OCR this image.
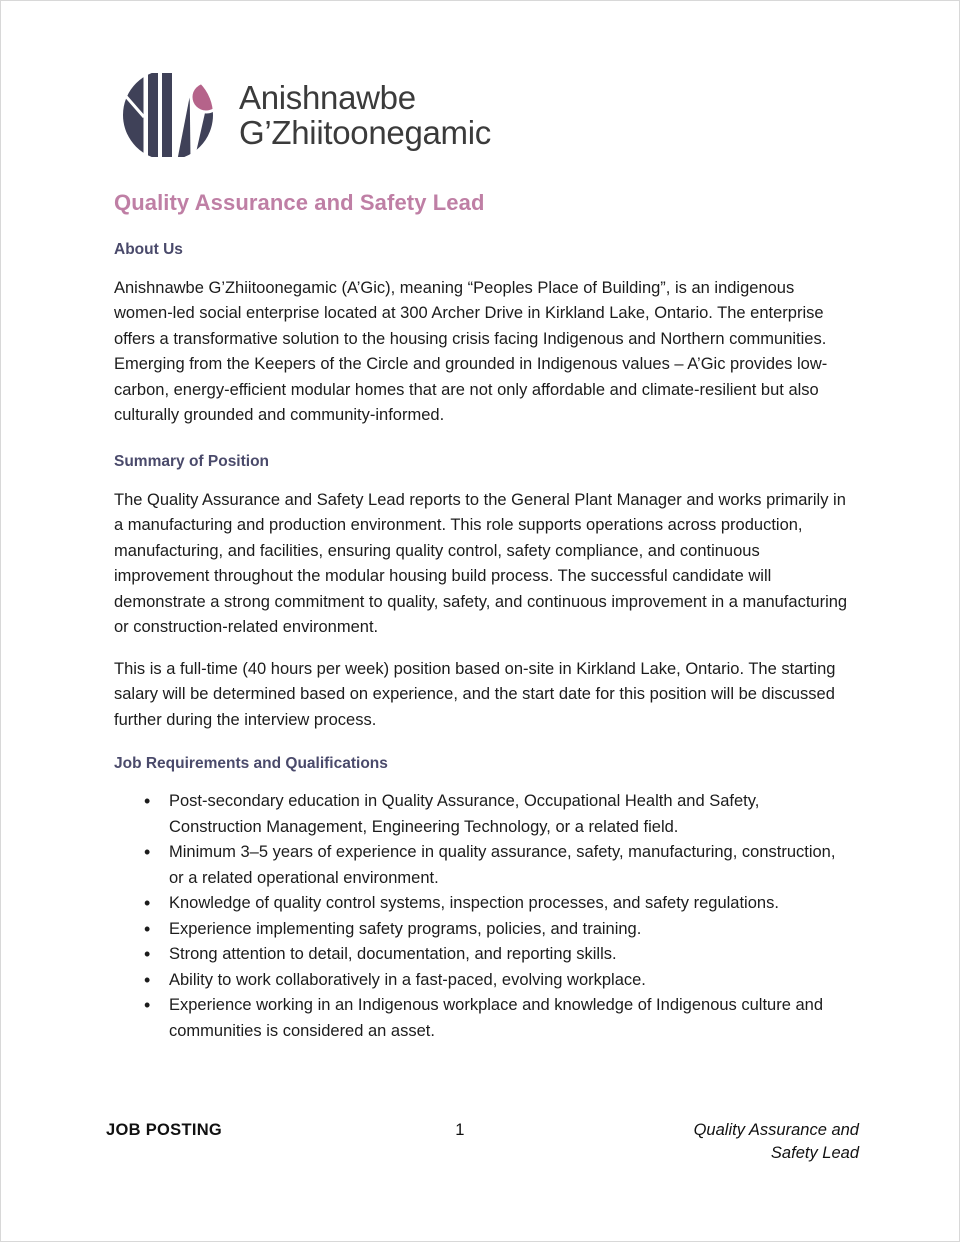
Anishnawbe
G’Zhiitoonegamic
Quality Assurance and Safety Lead
About Us

Anishnawbe G’Zhiitoonegamic (A’Gic), meaning “Peoples Place of Building”, is an indigenous women-led social enterprise located at 300 Archer Drive in Kirkland Lake, Ontario. The enterprise offers a transformative solution to the housing crisis facing Indigenous and Northern communities. Emerging from the Keepers of the Circle and grounded in Indigenous values – A’Gic provides low-carbon, energy-efficient modular homes that are not only affordable and climate-resilient but also culturally grounded and community-informed.

Summary of Position

The Quality Assurance and Safety Lead reports to the General Plant Manager and works primarily in a manufacturing and production environment. This role supports operations across production, manufacturing, and facilities, ensuring quality control, safety compliance, and continuous improvement throughout the modular housing build process. The successful candidate will demonstrate a strong commitment to quality, safety, and continuous improvement in a manufacturing or construction-related environment.

This is a full-time (40 hours per week) position based on-site in Kirkland Lake, Ontario. The starting salary will be determined based on experience, and the start date for this position will be discussed further during the interview process.

Job Requirements and Qualifications
• Post-secondary education in Quality Assurance, Occupational Health and Safety, Construction Management, Engineering Technology, or a related field.
• Minimum 3–5 years of experience in quality assurance, safety, manufacturing, construction, or a related operational environment.
• Knowledge of quality control systems, inspection processes, and safety regulations.
• Experience implementing safety programs, policies, and training.
• Strong attention to detail, documentation, and reporting skills.
• Ability to work collaboratively in a fast-paced, evolving workplace.
• Experience working in an Indigenous workplace and knowledge of Indigenous culture and communities is considered an asset.
JOB POSTING	1	Quality Assurance and
Safety Lead
